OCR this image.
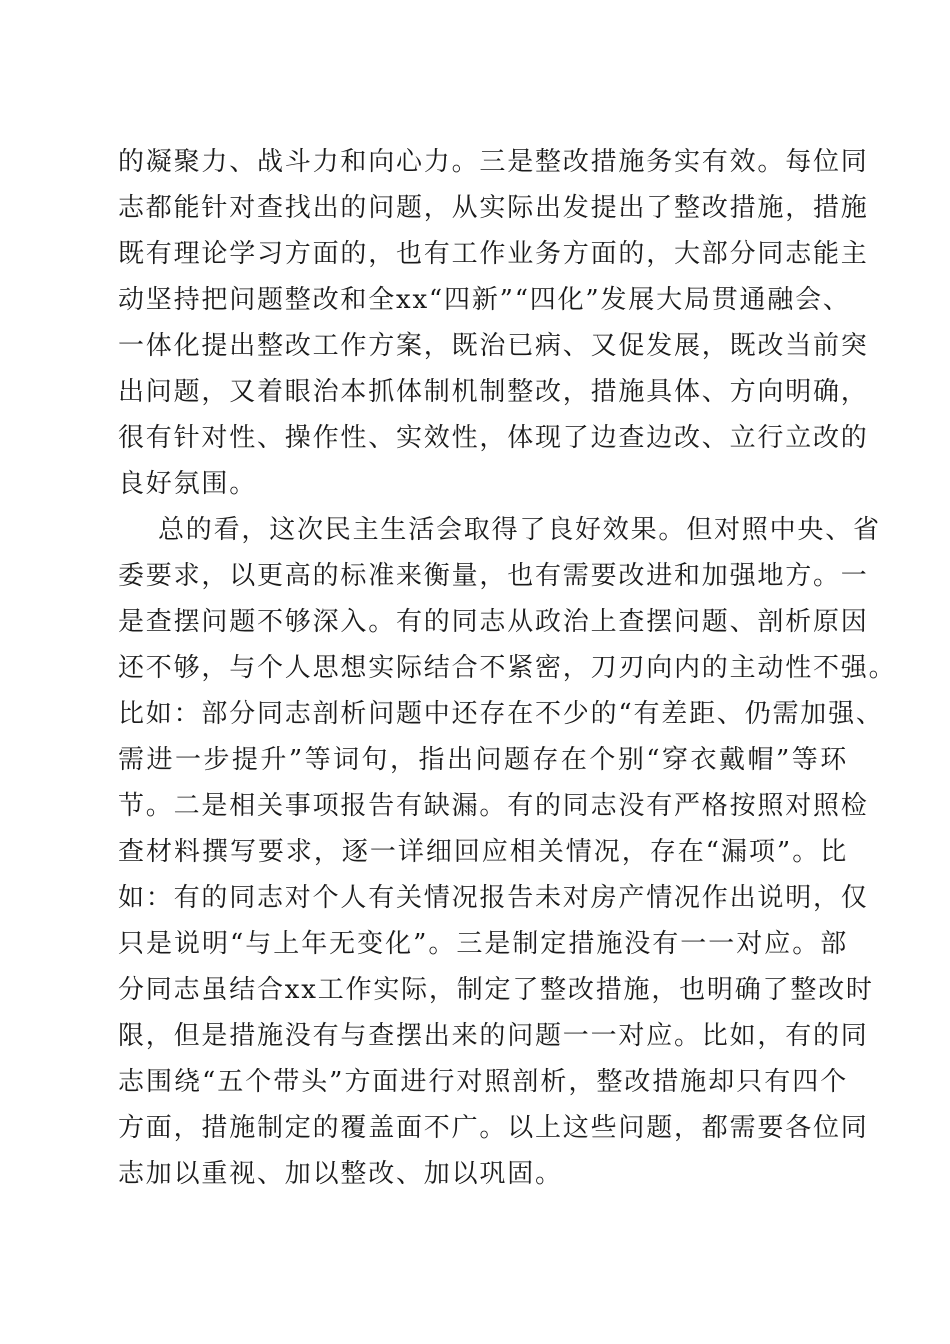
的凝聚力、战斗力和向心力。三是整改措施务实有效。每位同
志都能针对查找出的问题，从实际出发提出了整改措施，措施
既有理论学习方面的，也有工作业务方面的，大部分同志能主
动坚持把问题整改和全xx“四新”“四化”发展大局贯通融会、
一体化提出整改工作方案，既治已病、又促发展，既改当前突
出问题，又着眼治本抓体制机制整改，措施具体、方向明确，
很有针对性、操作性、实效性，体现了边查边改、立行立改的
良好氛围。
总的看，这次民主生活会取得了良好效果。但对照中央、省
委要求，以更高的标准来衡量，也有需要改进和加强地方。一
是查摆问题不够深入。有的同志从政治上查摆问题、剖析原因
还不够，与个人思想实际结合不紧密，刀刃向内的主动性不强。
比如：部分同志剖析问题中还存在不少的“有差距、仍需加强、
需进一步提升”等词句，指出问题存在个别“穿衣戴帽”等环
节。二是相关事项报告有缺漏。有的同志没有严格按照对照检
查材料撰写要求，逐一详细回应相关情况，存在“漏项”。比
如：有的同志对个人有关情况报告未对房产情况作出说明，仅
只是说明“与上年无变化”。三是制定措施没有一一对应。部
分同志虽结合xx工作实际，制定了整改措施，也明确了整改时
限，但是措施没有与查摆出来的问题一一对应。比如，有的同
志围绕“五个带头”方面进行对照剖析，整改措施却只有四个
方面，措施制定的覆盖面不广。以上这些问题，都需要各位同
志加以重视、加以整改、加以巩固。
